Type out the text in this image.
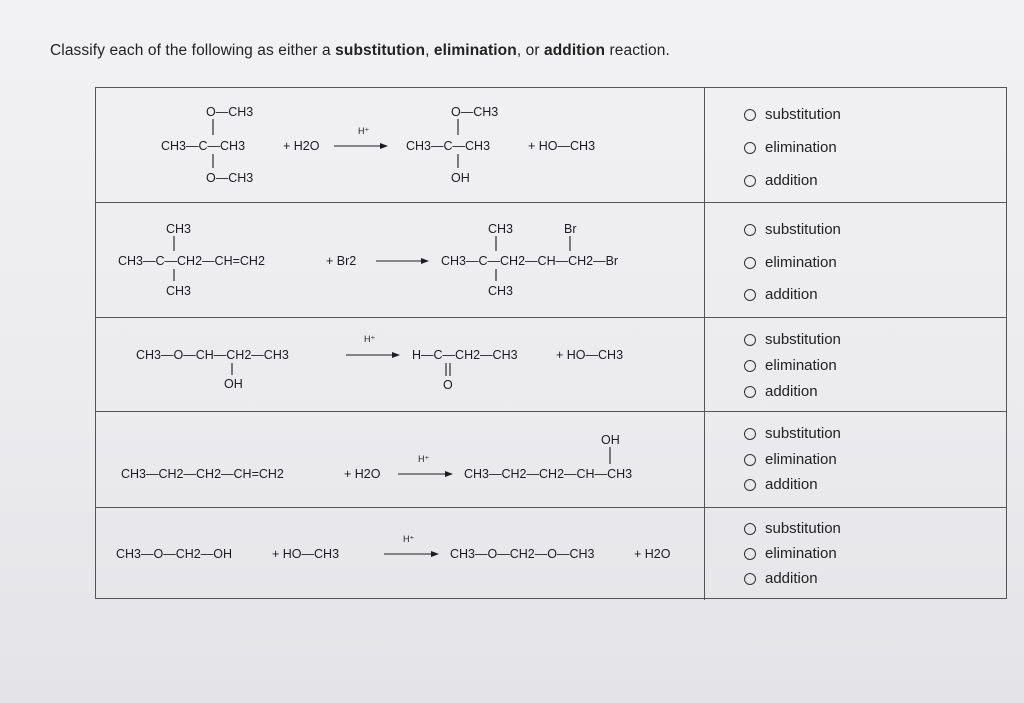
Classify each of the following as either a substitution, elimination, or addition reaction.
O—CH3
CH3—C—CH3
O—CH3
+ H2O
H⁺
O—CH3
CH3—C—CH3
OH
+ HO—CH3
substitution
elimination
addition
CH3
CH3—C—CH2—CH=CH2
CH3
+ Br2
CH3	Br
CH3—C—CH2—CH—CH2—Br
CH3
substitution
elimination
addition
CH3—O—CH—CH2—CH3
OH
H⁺
H—C—CH2—CH3
O
+ HO—CH3
substitution
elimination
addition
CH3—CH2—CH2—CH=CH2	+ H2O
H⁺
OH
CH3—CH2—CH2—CH—CH3
substitution
elimination
addition
CH3—O—CH2—OH	+ HO—CH3
H⁺
CH3—O—CH2—O—CH3	+ H2O
substitution
elimination
addition
